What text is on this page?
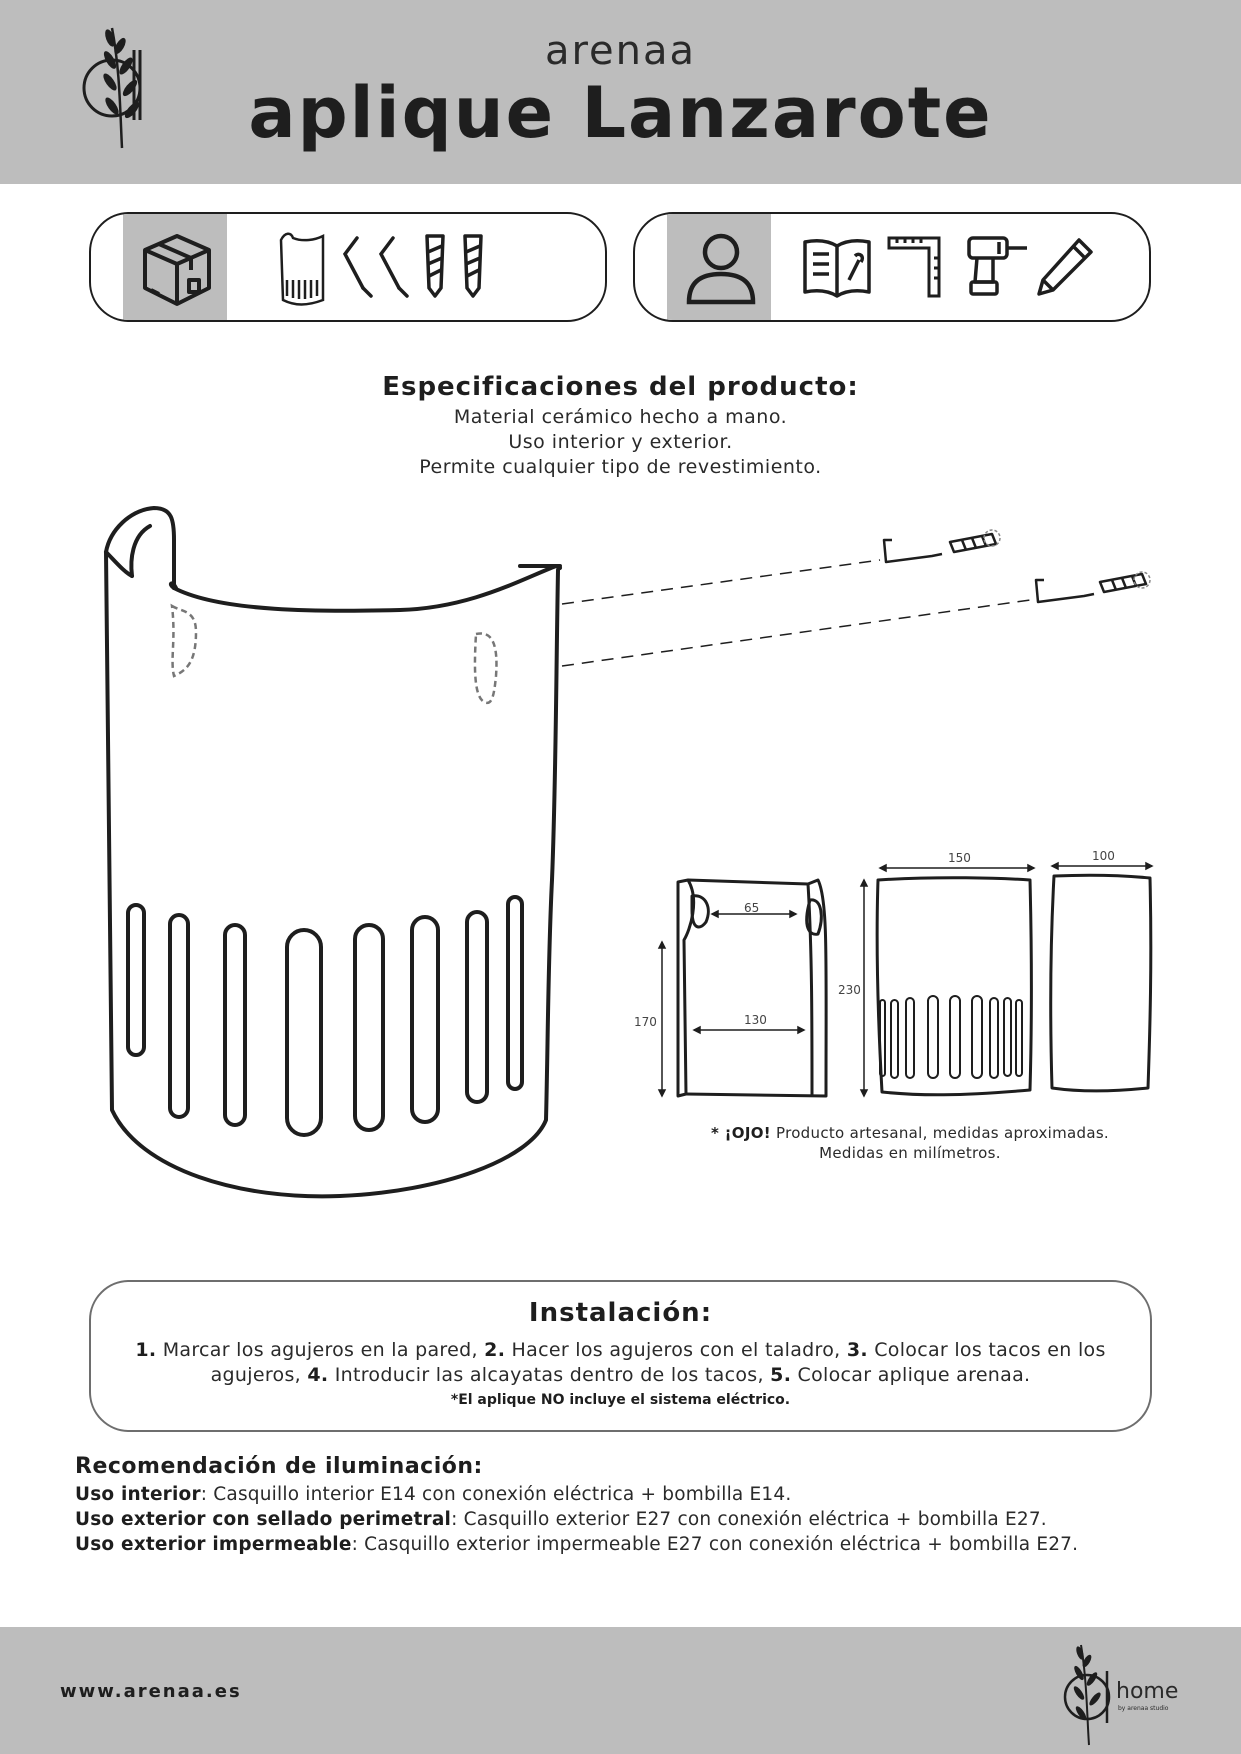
arenaa
aplique Lanzarote
Especificaciones del producto:
Material cerámico hecho a mano.
Uso interior y exterior.
Permite cualquier tipo de revestimiento.
65
130
170
150
230
100
* ¡OJO! Producto artesanal, medidas aproximadas.
Medidas en milímetros.
Instalación:
1. Marcar los agujeros en la pared, 2. Hacer los agujeros con el taladro, 3. Colocar los tacos en los agujeros, 4. Introducir las alcayatas dentro de los tacos, 5. Colocar aplique arenaa.
*El aplique NO incluye el sistema eléctrico.
Recomendación de iluminación:
Uso interior: Casquillo interior E14 con conexión eléctrica + bombilla E14.
Uso exterior con sellado perimetral: Casquillo exterior E27 con conexión eléctrica + bombilla E27.
Uso exterior impermeable: Casquillo exterior impermeable E27 con conexión eléctrica + bombilla E27.
www.arenaa.es	home
by arenaa studio
